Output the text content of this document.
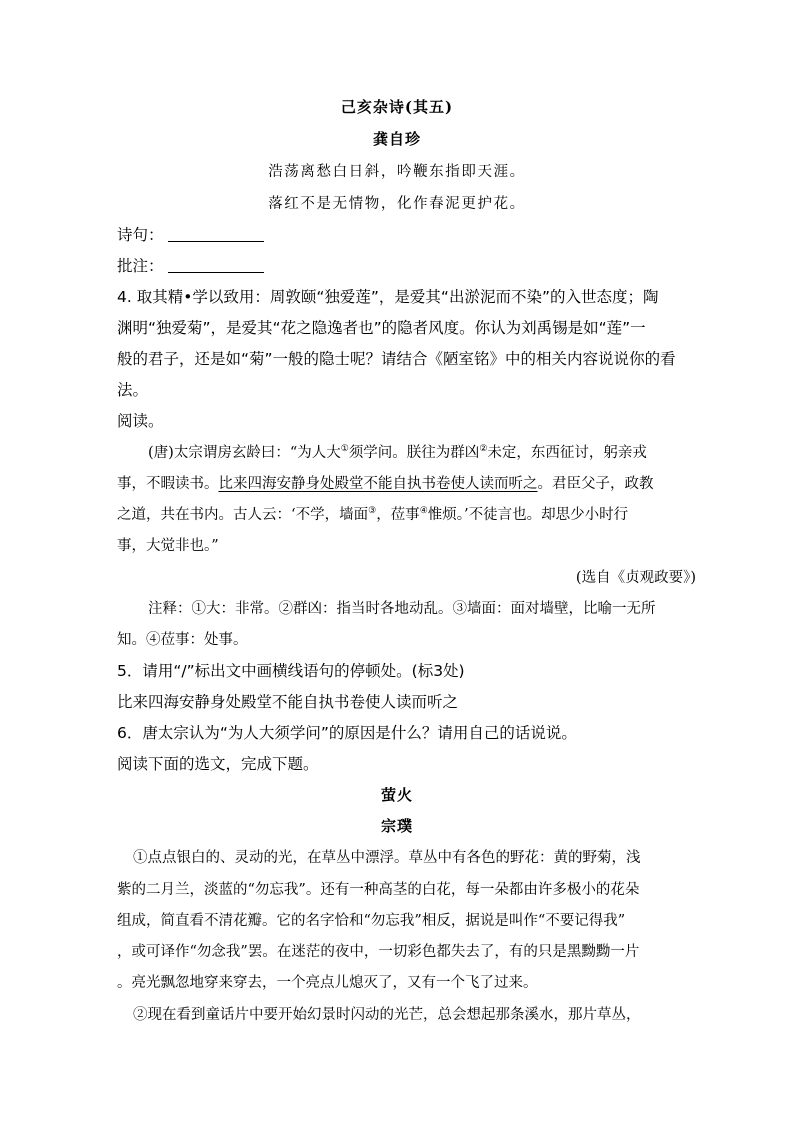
己亥杂诗(其五)
龚自珍
浩荡离愁白日斜，吟鞭东指即天涯。
落红不是无情物，化作春泥更护花。
诗句：
批注：
4. 取其精•学以致用：周敦颐“独爱莲”，是爱其“出淤泥而不染”的入世态度；陶
渊明“独爱菊”，是爱其“花之隐逸者也”的隐者风度。你认为刘禹锡是如“莲”一
般的君子，还是如“菊”一般的隐士呢？请结合《陋室铭》中的相关内容说说你的看
法。
阅读。
(唐)太宗谓房玄龄曰：“为人大①须学问。朕往为群凶②未定，东西征讨，躬亲戎
事，不暇读书。比来四海安静身处殿堂不能自执书卷使人读而听之。君臣父子，政教
之道，共在书内。古人云：‘不学，墙面③，莅事④惟烦。’不徒言也。却思少小时行
事，大觉非也。”
(选自《贞观政要》)
注释：①大：非常。②群凶：指当时各地动乱。③墙面：面对墙壁，比喻一无所
知。④莅事：处事。
5．请用“/”标出文中画横线语句的停顿处。(标3处)
比来四海安静身处殿堂不能自执书卷使人读而听之
6．唐太宗认为“为人大须学问”的原因是什么？请用自己的话说说。
阅读下面的选文，完成下题。
萤火
宗璞
①点点银白的、灵动的光，在草丛中漂浮。草丛中有各色的野花：黄的野菊，浅
紫的二月兰，淡蓝的“勿忘我”。还有一种高茎的白花，每一朵都由许多极小的花朵
组成，简直看不清花瓣。它的名字恰和“勿忘我”相反，据说是叫作“不要记得我”
，或可译作“勿念我”罢。在迷茫的夜中，一切彩色都失去了，有的只是黑黝黝一片
。亮光飘忽地穿来穿去，一个亮点儿熄灭了，又有一个飞了过来。
②现在看到童话片中要开始幻景时闪动的光芒，总会想起那条溪水，那片草丛，
